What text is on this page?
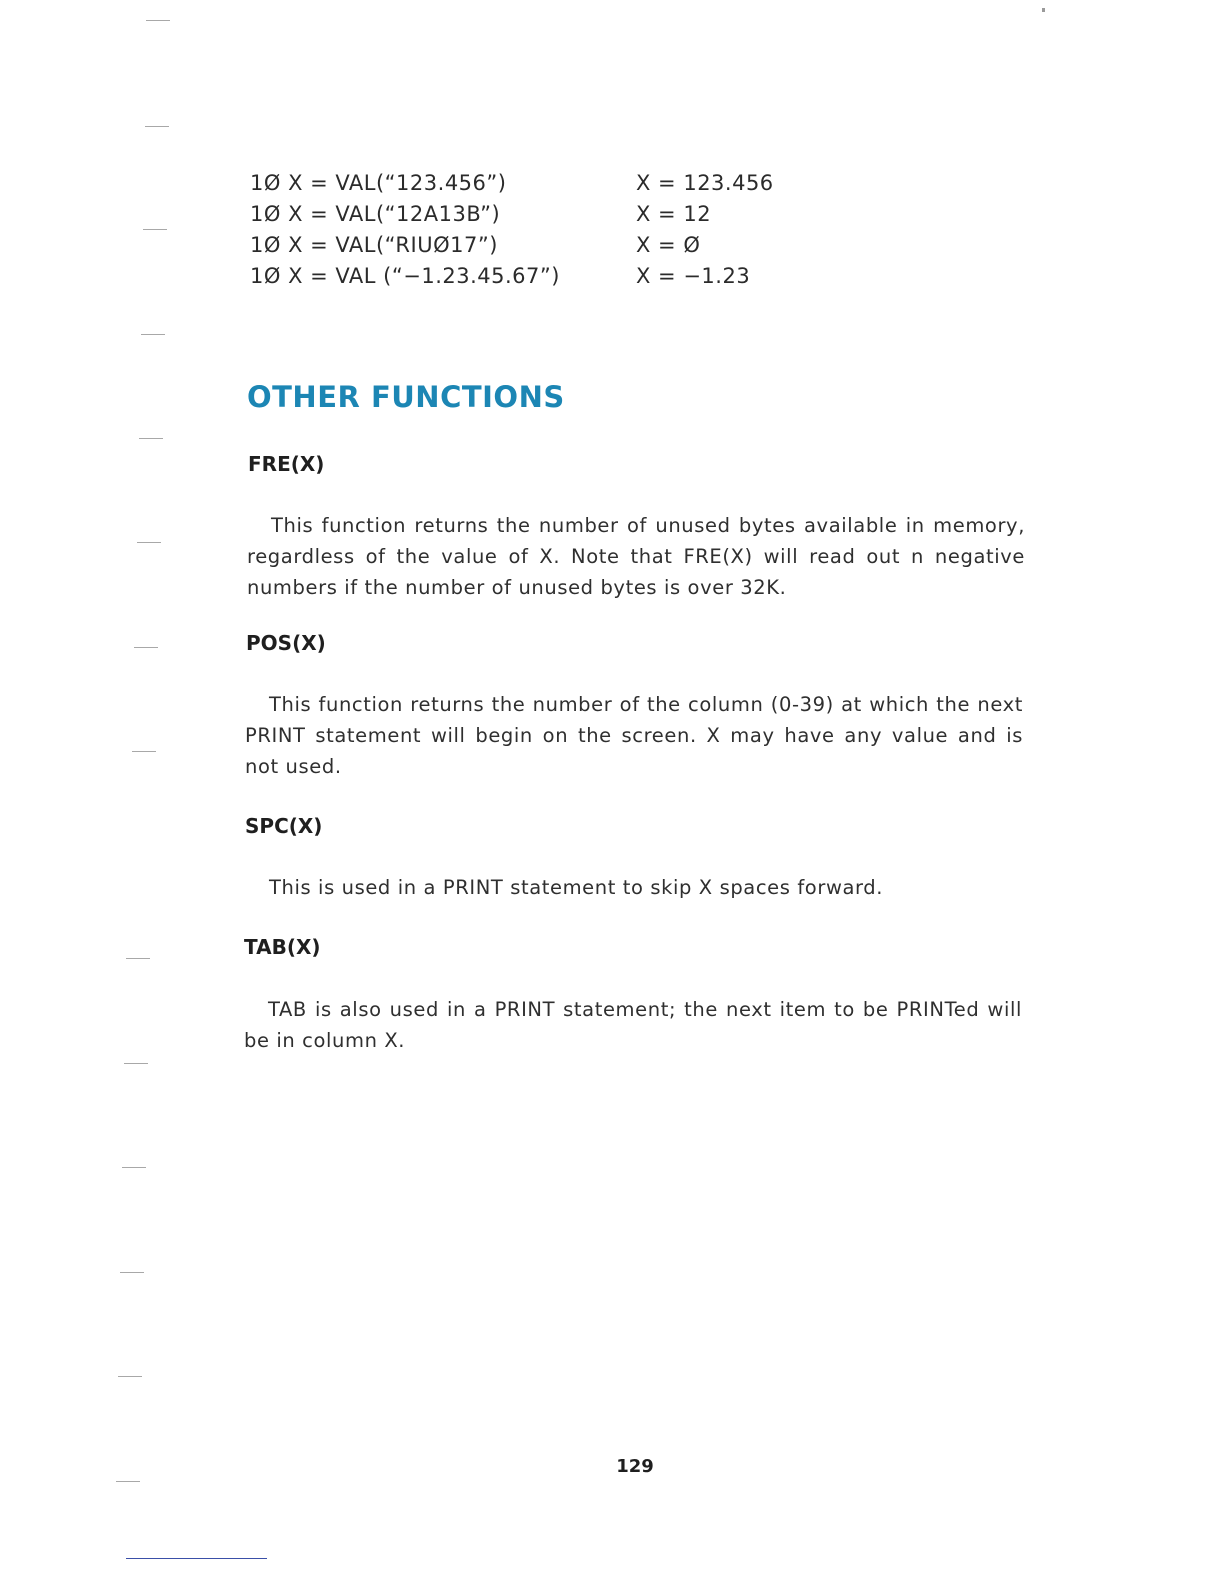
1Ø X = VAL(“123.456”)	X = 123.456
1Ø X = VAL(“12A13B”)	X = 12
1Ø X = VAL(“RIUØ17”)	X = Ø
1Ø X = VAL (“−1.23.45.67”)	X = −1.23
OTHER FUNCTIONS
FRE(X)

This function returns the number of unused bytes available in memory, regardless of the value of X. Note that FRE(X) will read out n negative numbers if the number of unused bytes is over 32K.

POS(X)

This function returns the number of the column (0-39) at which the next PRINT statement will begin on the screen. X may have any value and is not used.

SPC(X)

This is used in a PRINT statement to skip X spaces forward.

TAB(X)

TAB is also used in a PRINT statement; the next item to be PRINTed will be in column X.

129
